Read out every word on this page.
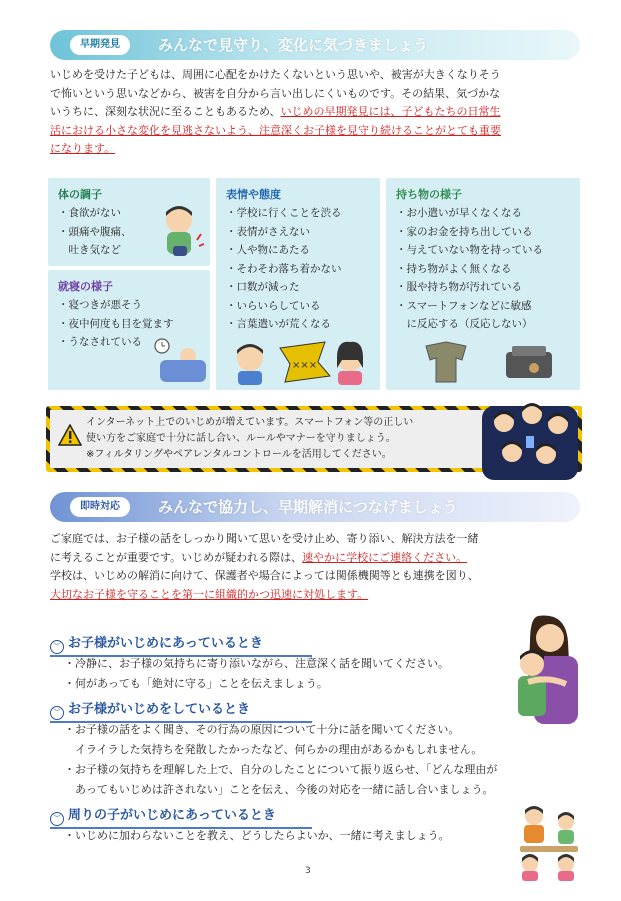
早期発見	みんなで見守り、変化に気づきましょう
いじめを受けた子どもは、周囲に心配をかけたくないという思いや、被害が大きくなりそう
で怖いという思いなどから、被害を自分から言い出しにくいものです。その結果、気づかな
いうちに、深刻な状況に至ることもあるため、いじめの早期発見には、子どもたちの日常生
活における小さな変化を見逃さないよう、注意深くお子様を見守り続けることがとても重要
になります。
体の調子
・食欲がない
・頭痛や腹痛、
　吐き気など
就寝の様子
・寝つきが悪そう
・夜中何度も目を覚ます
・うなされている
表情や態度
・学校に行くことを渋る
・表情がさえない
・人や物にあたる
・そわそわ落ち着かない
・口数が減った
・いらいらしている
・言葉遣いが荒くなる
×××
持ち物の様子
・お小遣いが早くなくなる
・家のお金を持ち出している
・与えていない物を持っている
・持ち物がよく無くなる
・服や持ち物が汚れている
・スマートフォンなどに敏感
　に反応する（反応しない）
インターネット上でのいじめが増えています。スマートフォン等の正しい
使い方をご家庭で十分に話し合い、ルールやマナーを守りましょう。
※フィルタリングやペアレンタルコントロールを活用してください。
即時対応	みんなで協力し、早期解消につなげましょう
ご家庭では、お子様の話をしっかり聞いて思いを受け止め、寄り添い、解決方法を一緒
に考えることが重要です。いじめが疑われる際は、速やかに学校にご連絡ください。
学校は、いじめの解消に向けて、保護者や場合によっては関係機関等とも連携を図り、
大切なお子様を守ることを第一に組織的かつ迅速に対処します。
︶ お子様がいじめにあっているとき
・冷静に、お子様の気持ちに寄り添いながら、注意深く話を聞いてください。
・何があっても「絶対に守る」ことを伝えましょう。
︶ お子様がいじめをしているとき
・お子様の話をよく聞き、その行為の原因について十分に話を聞いてください。
　イライラした気持ちを発散したかったなど、何らかの理由があるかもしれません。
・お子様の気持ちを理解した上で、自分のしたことについて振り返らせ、「どんな理由が
　あってもいじめは許されない」ことを伝え、今後の対応を一緒に話し合いましょう。
︶ 周りの子がいじめにあっているとき
・いじめに加わらないことを教え、どうしたらよいか、一緒に考えましょう。
3
